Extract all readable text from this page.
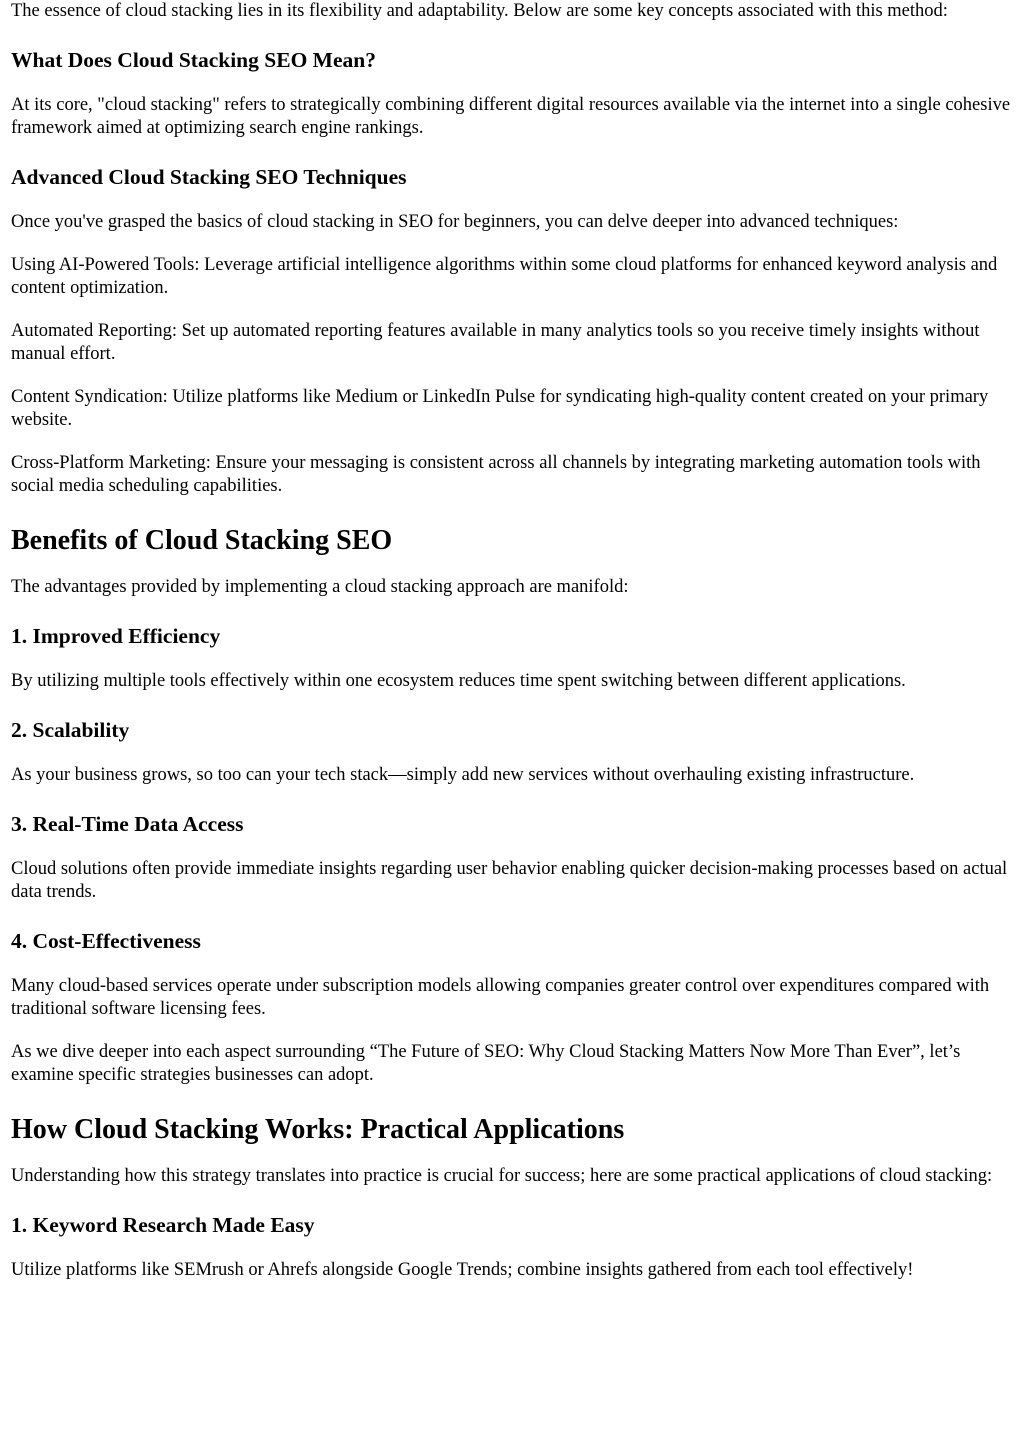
The essence of cloud stacking lies in its flexibility and adaptability. Below are some key concepts associated with this method:

What Does Cloud Stacking SEO Mean?

At its core, "cloud stacking" refers to strategically combining different digital resources available via the internet into a single cohesive framework aimed at optimizing search engine rankings.

Advanced Cloud Stacking SEO Techniques

Once you've grasped the basics of cloud stacking in SEO for beginners, you can delve deeper into advanced techniques:

Using AI-Powered Tools: Leverage artificial intelligence algorithms within some cloud platforms for enhanced keyword analysis and content optimization.

Automated Reporting: Set up automated reporting features available in many analytics tools so you receive timely insights without manual effort.

Content Syndication: Utilize platforms like Medium or LinkedIn Pulse for syndicating high-quality content created on your primary website.

Cross-Platform Marketing: Ensure your messaging is consistent across all channels by integrating marketing automation tools with social media scheduling capabilities.

Benefits of Cloud Stacking SEO

The advantages provided by implementing a cloud stacking approach are manifold:

1. Improved Efficiency

By utilizing multiple tools effectively within one ecosystem reduces time spent switching between different applications.

2. Scalability

As your business grows, so too can your tech stack—simply add new services without overhauling existing infrastructure.

3. Real-Time Data Access

Cloud solutions often provide immediate insights regarding user behavior enabling quicker decision-making processes based on actual data trends.

4. Cost-Effectiveness

Many cloud-based services operate under subscription models allowing companies greater control over expenditures compared with traditional software licensing fees.

As we dive deeper into each aspect surrounding “The Future of SEO: Why Cloud Stacking Matters Now More Than Ever”, let’s examine specific strategies businesses can adopt.

How Cloud Stacking Works: Practical Applications

Understanding how this strategy translates into practice is crucial for success; here are some practical applications of cloud stacking:

1. Keyword Research Made Easy

Utilize platforms like SEMrush or Ahrefs alongside Google Trends; combine insights gathered from each tool effectively!
